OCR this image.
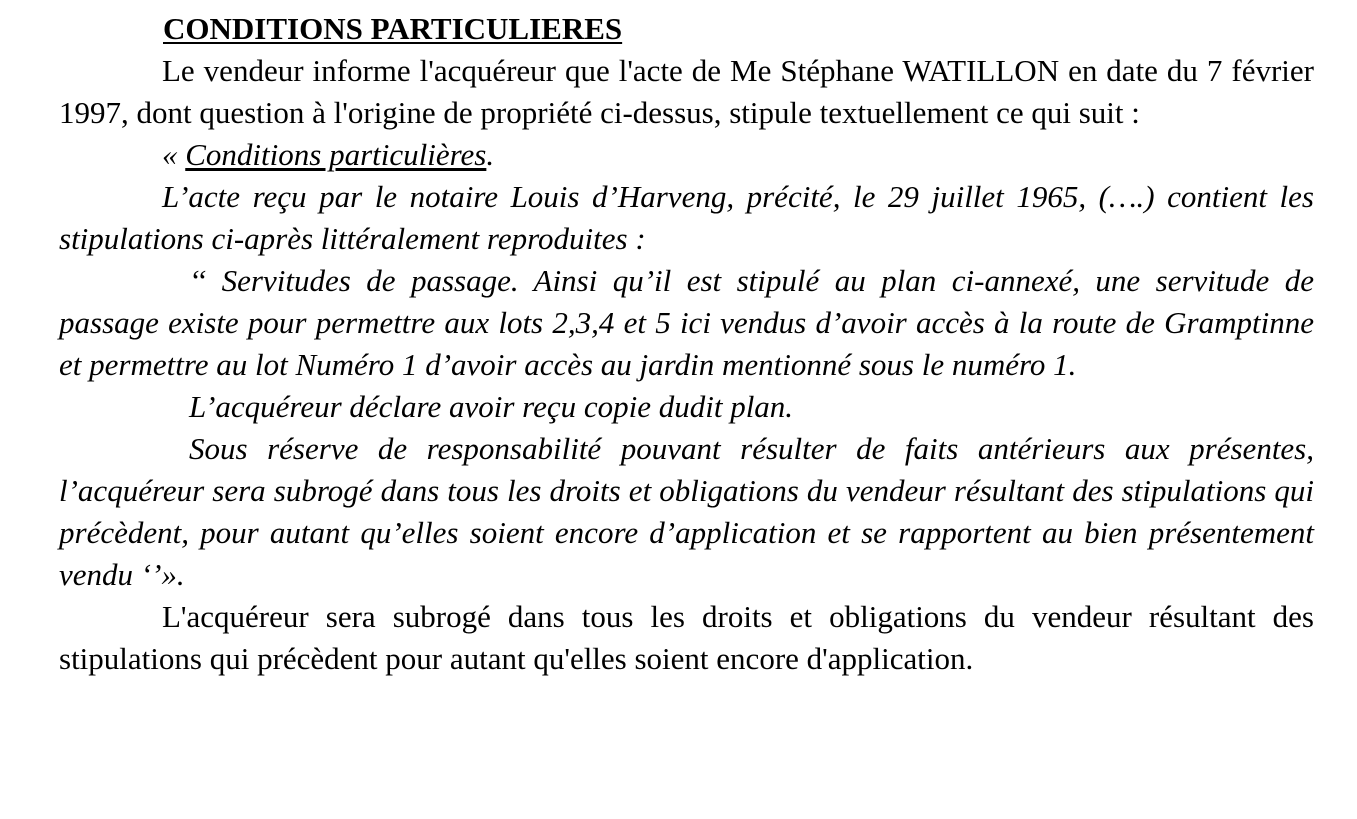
CONDITIONS PARTICULIERES

Le vendeur informe l'acquéreur que l'acte de Me Stéphane WATILLON en date du 7 février 1997, dont question à l'origine de propriété ci-dessus, stipule textuellement ce qui suit :

« Conditions particulières.

L’acte reçu par le notaire Louis d’Harveng, précité, le 29 juillet 1965, (….) contient les stipulations ci-après littéralement reproduites :

‘‘ Servitudes de passage. Ainsi qu’il est stipulé au plan ci-annexé, une servitude de passage existe pour permettre aux lots 2,3,4 et 5 ici vendus d’avoir accès à la route de Gramptinne et permettre au lot Numéro 1 d’avoir accès au jardin mentionné sous le numéro 1.

L’acquéreur déclare avoir reçu copie dudit plan.

Sous réserve de responsabilité pouvant résulter de faits antérieurs aux présentes, l’acquéreur sera subrogé dans tous les droits et obligations du vendeur résultant des stipulations qui précèdent, pour autant qu’elles soient encore d’application et se rapportent au bien présentement vendu ‘’».

L'acquéreur sera subrogé dans tous les droits et obligations du vendeur résultant des stipulations qui précèdent pour autant qu'elles soient encore d'application.
